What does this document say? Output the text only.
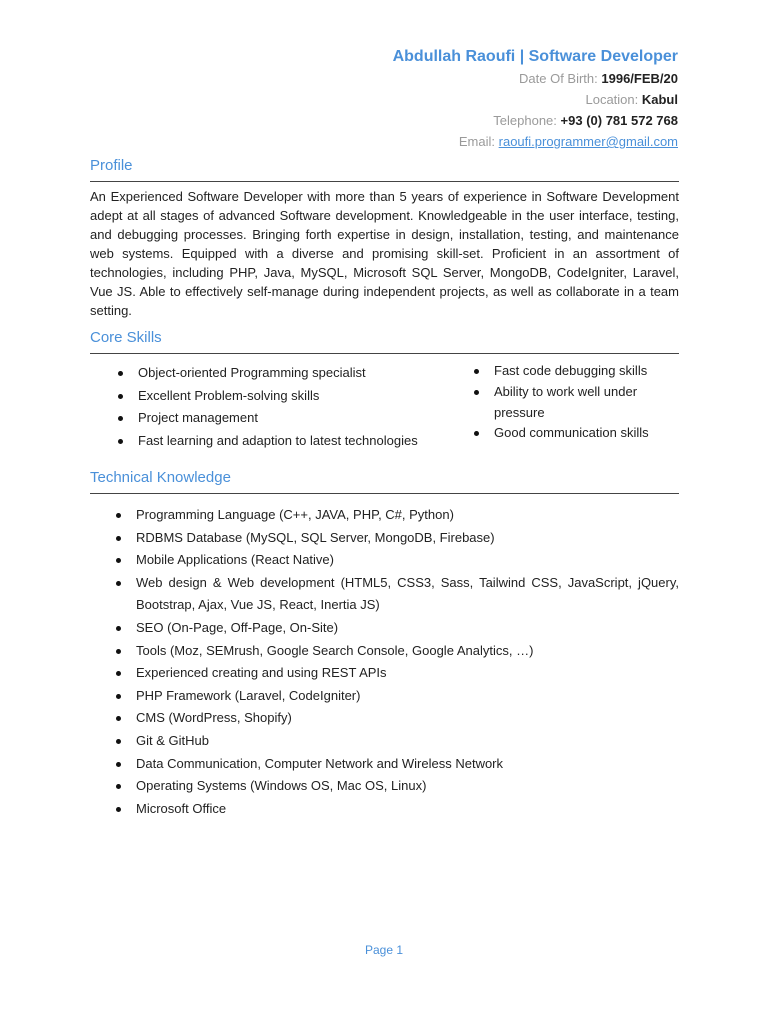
Abdullah Raoufi | Software Developer
Date Of Birth: 1996/FEB/20
Location: Kabul
Telephone: +93 (0) 781 572 768
Email: raoufi.programmer@gmail.com
Profile
An Experienced Software Developer with more than 5 years of experience in Software Development adept at all stages of advanced Software development. Knowledgeable in the user interface, testing, and debugging processes. Bringing forth expertise in design, installation, testing, and maintenance web systems. Equipped with a diverse and promising skill-set. Proficient in an assortment of technologies, including PHP, Java, MySQL, Microsoft SQL Server, MongoDB, CodeIgniter, Laravel, Vue JS. Able to effectively self-manage during independent projects, as well as collaborate in a team setting.
Core Skills
Object-oriented Programming specialist
Excellent Problem-solving skills
Project management
Fast learning and adaption to latest technologies
Fast code debugging skills
Ability to work well under pressure
Good communication skills
Technical Knowledge
Programming Language (C++, JAVA, PHP, C#, Python)
RDBMS Database (MySQL, SQL Server, MongoDB, Firebase)
Mobile Applications (React Native)
Web design & Web development (HTML5, CSS3, Sass, Tailwind CSS, JavaScript, jQuery, Bootstrap, Ajax, Vue JS, React, Inertia JS)
SEO (On-Page, Off-Page, On-Site)
Tools (Moz, SEMrush, Google Search Console, Google Analytics, …)
Experienced creating and using REST APIs
PHP Framework (Laravel, CodeIgniter)
CMS (WordPress, Shopify)
Git & GitHub
Data Communication, Computer Network and Wireless Network
Operating Systems (Windows OS, Mac OS, Linux)
Microsoft Office
Page 1
